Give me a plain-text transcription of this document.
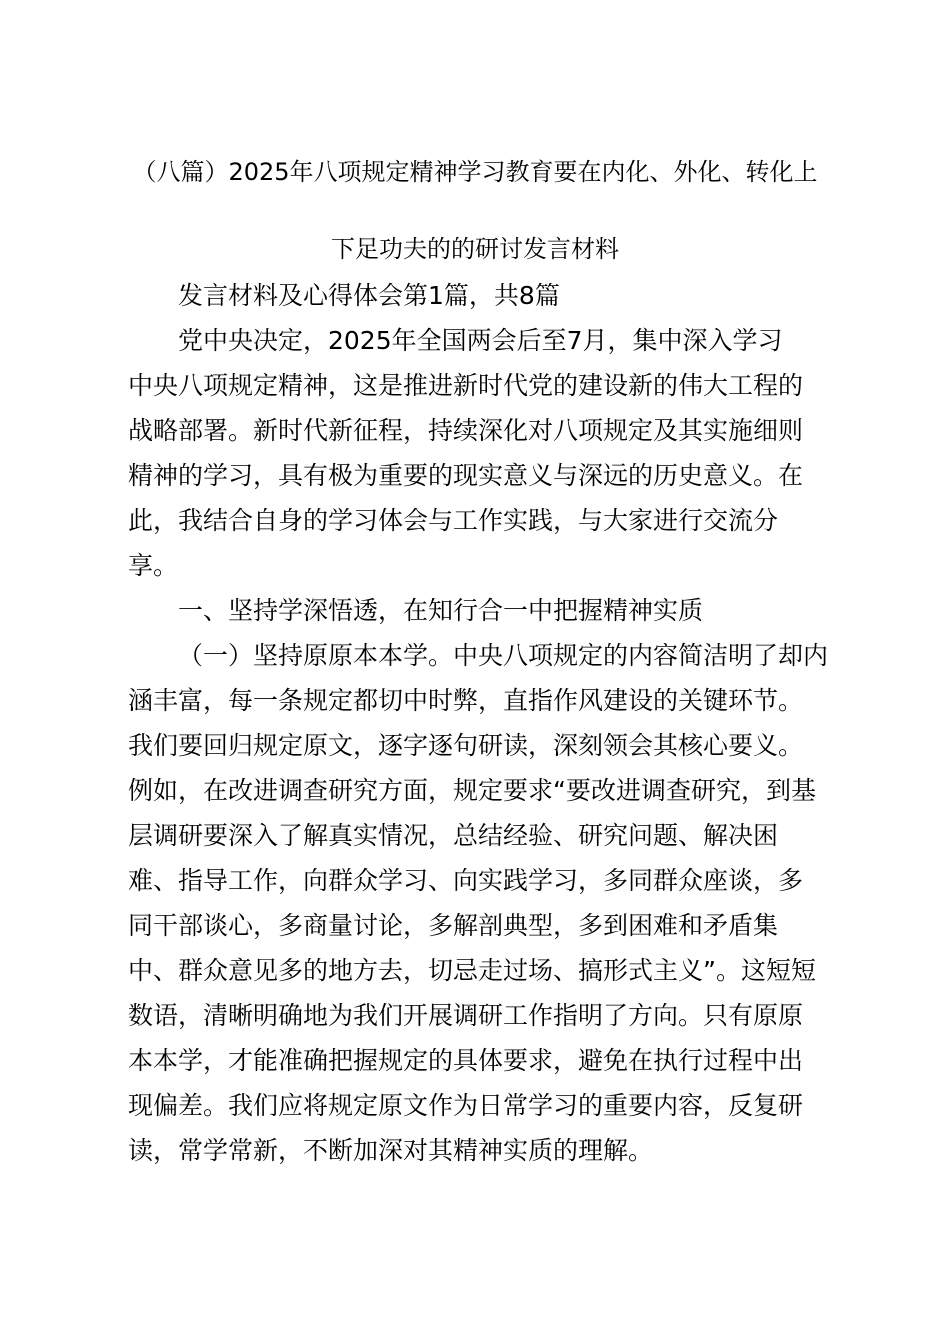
（八篇）2025年八项规定精神学习教育要在内化、外化、转化上
下足功夫的的研讨发言材料
发言材料及心得体会第1篇，共8篇
党中央决定，2025年全国两会后至7月，集中深入学习
中央八项规定精神，这是推进新时代党的建设新的伟大工程的
战略部署。新时代新征程，持续深化对八项规定及其实施细则
精神的学习，具有极为重要的现实意义与深远的历史意义。在
此，我结合自身的学习体会与工作实践，与大家进行交流分
享。
一、坚持学深悟透，在知行合一中把握精神实质
（一）坚持原原本本学。中央八项规定的内容简洁明了却内
涵丰富，每一条规定都切中时弊，直指作风建设的关键环节。
我们要回归规定原文，逐字逐句研读，深刻领会其核心要义。
例如，在改进调查研究方面，规定要求“要改进调查研究，到基
层调研要深入了解真实情况，总结经验、研究问题、解决困
难、指导工作，向群众学习、向实践学习，多同群众座谈，多
同干部谈心，多商量讨论，多解剖典型，多到困难和矛盾集
中、群众意见多的地方去，切忌走过场、搞形式主义”。这短短
数语，清晰明确地为我们开展调研工作指明了方向。只有原原
本本学，才能准确把握规定的具体要求，避免在执行过程中出
现偏差。我们应将规定原文作为日常学习的重要内容，反复研
读，常学常新，不断加深对其精神实质的理解。
